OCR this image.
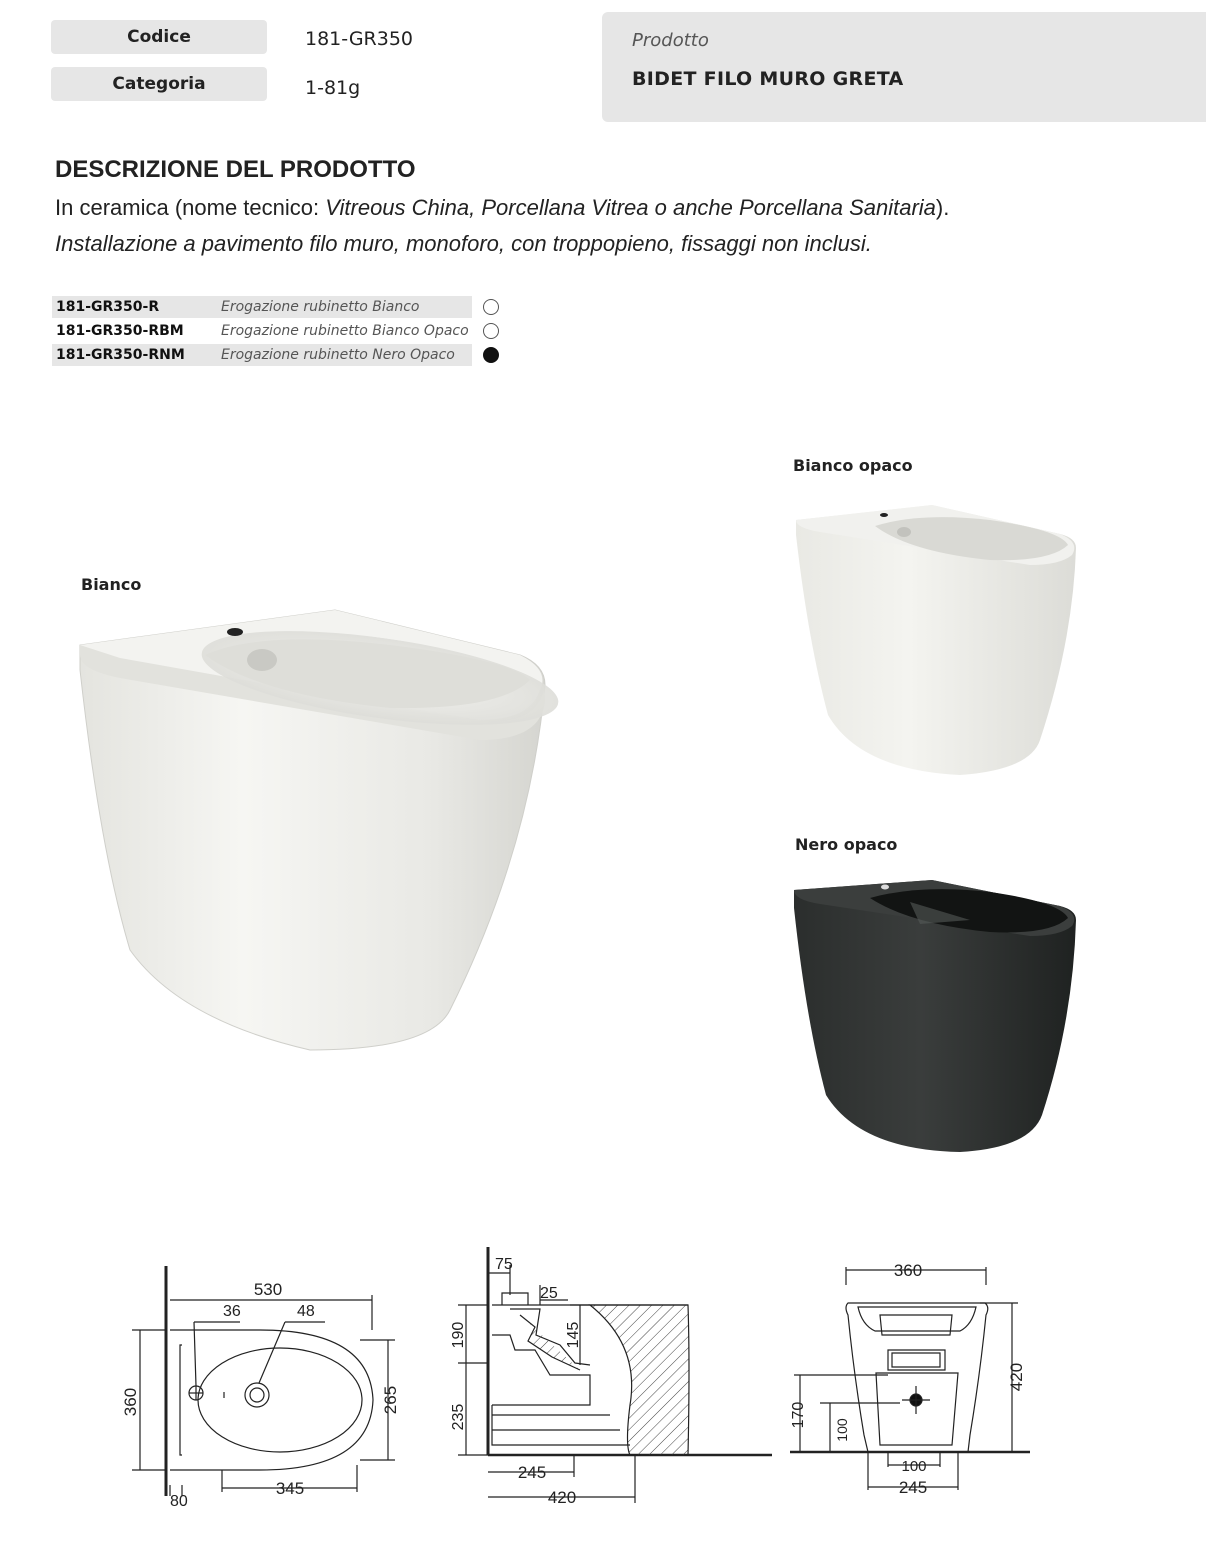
Codice	181-GR350
Categoria	1-81g
Prodotto
BIDET FILO MURO GRETA
DESCRIZIONE DEL PRODOTTO
In ceramica (nome tecnico: Vitreous China, Porcellana Vitrea o anche Porcellana Sanitaria).
Installazione a pavimento filo muro, monoforo, con troppopieno, fissaggi non inclusi.
181-GR350-R	Erogazione rubinetto Bianco
181-GR350-RBM	Erogazione rubinetto Bianco Opaco
181-GR350-RNM	Erogazione rubinetto Nero Opaco
Bianco
Bianco opaco
Nero opaco
530
36	48
360	265
80
345
75
25
190	145
235
245
420
360
420
170
100
100
245
